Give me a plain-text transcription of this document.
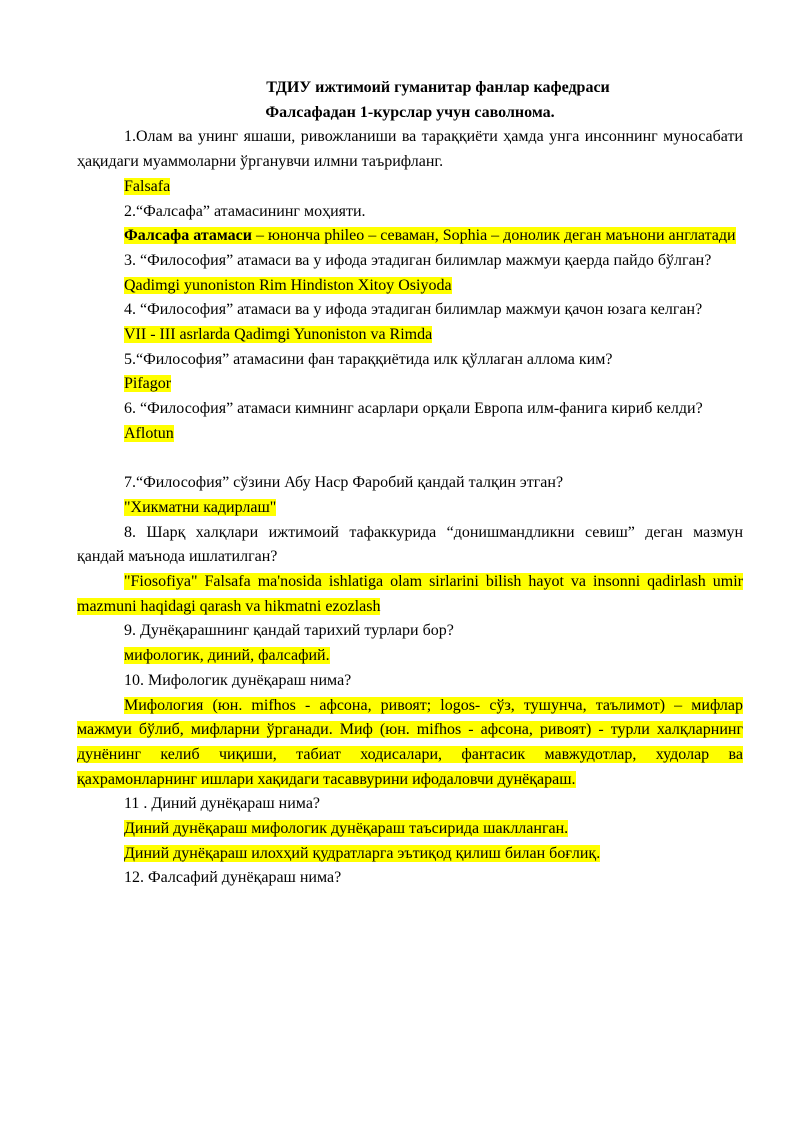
ТДИУ ижтимоий гуманитар фанлар кафедраси

Фалсафадан 1-курслар учун саволнома.

1.Олам ва унинг яшаши, ривожланиши ва тараққиёти ҳамда унга инсоннинг муносабати ҳақидаги муаммоларни ўрганувчи илмни таърифланг.

Falsafa

2.“Фалсафа” атамасининг моҳияти.

Фалсафа атамаси – юнонча phileo – севаман, Sophia – донолик деган маънони англатади

3. “Философия” атамаси ва у ифода этадиган билимлар мажмуи қаерда пайдо бўлган?

Qadimgi yunoniston Rim Hindiston Xitoy Osiyoda

4. “Философия” атамаси ва у ифода этадиган билимлар мажмуи қачон юзага келган?

VII - III asrlarda Qadimgi Yunoniston va Rimda

5.“Философия” атамасини фан тараққиётида илк қўллаган аллома ким?

Pifagor

6. “Философия” атамаси кимнинг асарлари орқали Европа илм-фанига кириб келди?

Aflotun

7.“Философия” сўзини Абу Наср Фаробий қандай талқин этган?

"Хикматни кадирлаш"

8. Шарқ халқлари ижтимоий тафаккурида “донишмандликни севиш” деган мазмун қандай маънода ишлатилган?

"Fiosofiya" Falsafa ma'nosida ishlatiga olam sirlarini bilish hayot va insonni qadirlash umir mazmuni haqidagi qarash va hikmatni ezozlash

9. Дунёқарашнинг қандай тарихий турлари бор?

мифологик, диний, фалсафий.

10. Мифологик дунёқараш нима?

Мифология (юн. mifhos - афсона, ривоят; logos- сўз, тушунча, таълимот) – мифлар мажмуи бўлиб, мифларни ўрганади. Миф (юн. mifhos - афсона, ривоят) - турли халқларнинг дунёнинг келиб чиқиши, табиат ходисалари, фантасик мавжудотлар, худолар ва қахрамонларнинг ишлари хақидаги тасаввурини ифодаловчи дунёқараш.

11 . Диний дунёқараш нима?

Диний дунёқараш мифологик дунёқараш таъсирида шаклланган.

Диний дунёқараш илохҳий қудратларга эътиқод қилиш билан боғлиқ.

12. Фалсафий дунёқараш нима?
